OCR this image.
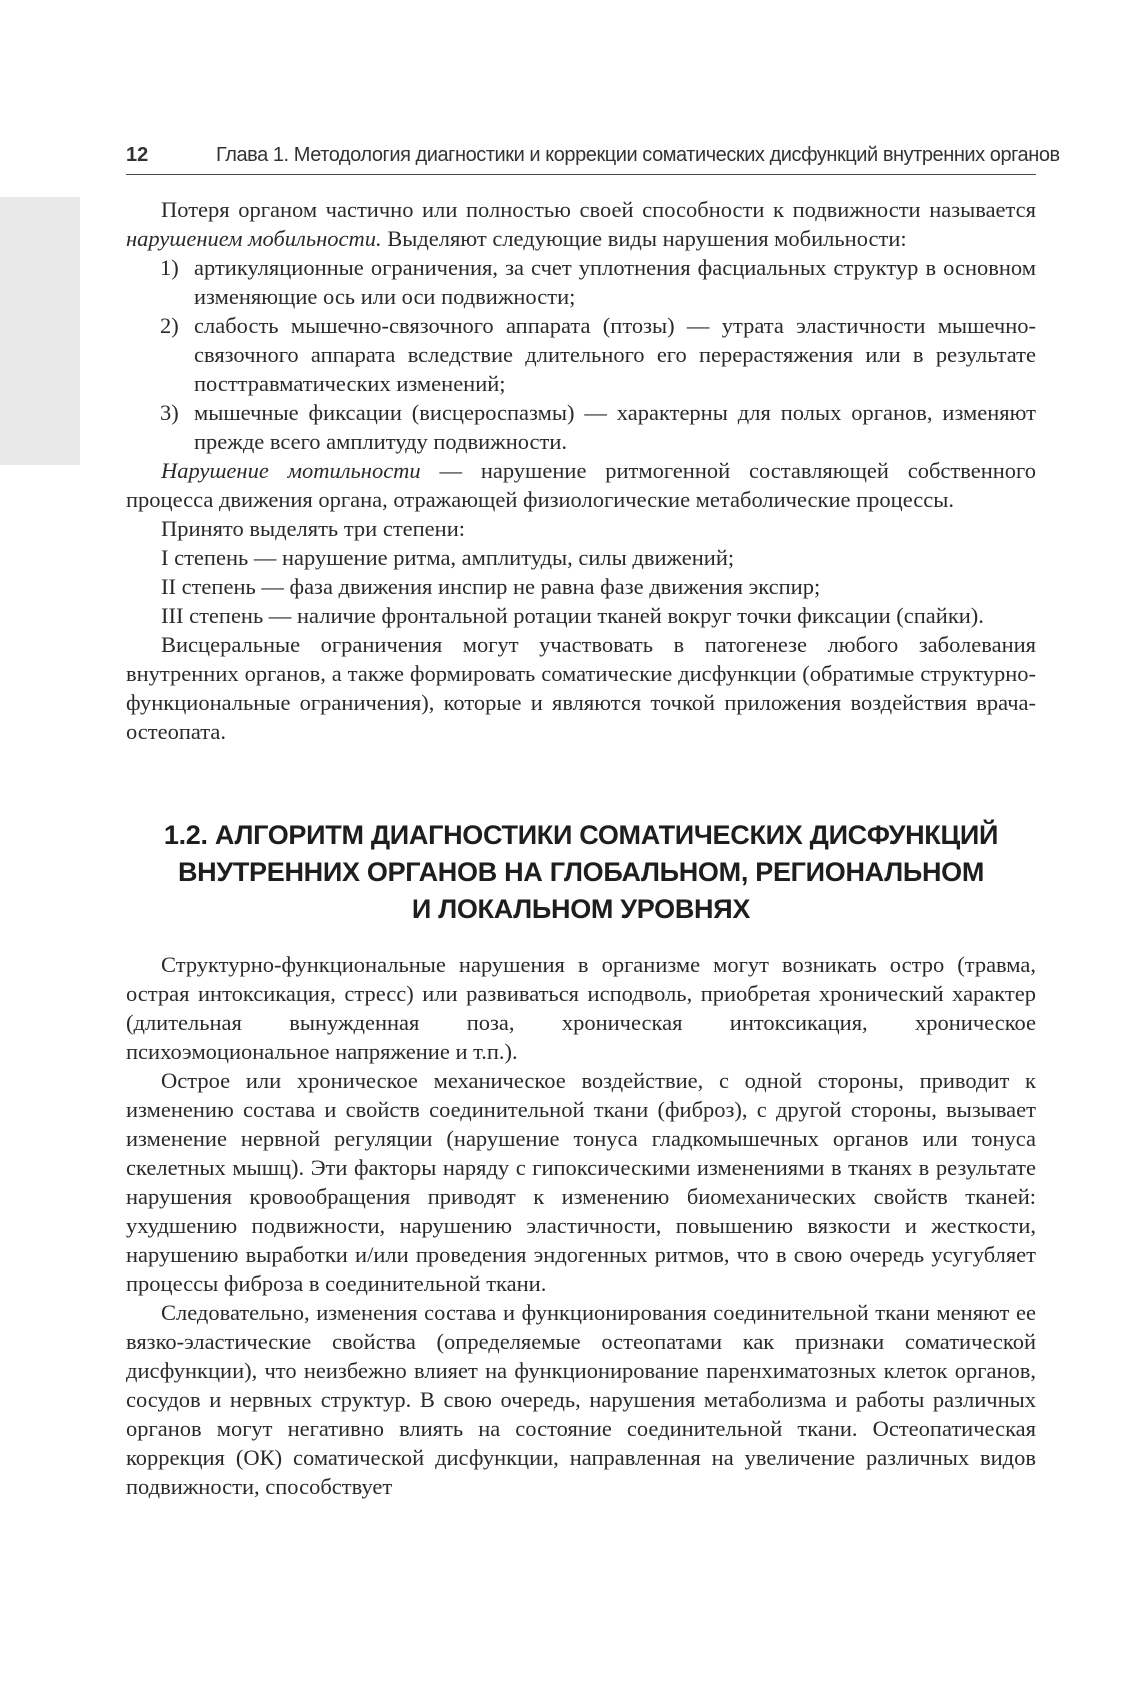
12	Глава 1. Методология диагностики и коррекции соматических дисфункций внутренних органов

Потеря органом частично или полностью своей способности к подвижности называется нарушением мобильности. Выделяют следующие виды нарушения мобильности:

1) артикуляционные ограничения, за счет уплотнения фасциальных структур в основном изменяющие ось или оси подвижности;
2) слабость мышечно-связочного аппарата (птозы) — утрата эластичности мышечно-связочного аппарата вследствие длительного его перерастяжения или в результате посттравматических изменений;
3) мышечные фиксации (висцероспазмы) — характерны для полых органов, изменяют прежде всего амплитуду подвижности.

Нарушение мотильности — нарушение ритмогенной составляющей собственного процесса движения органа, отражающей физиологические метаболические процессы.

Принято выделять три степени:

I степень — нарушение ритма, амплитуды, силы движений;

II степень — фаза движения инспир не равна фазе движения экспир;

III степень — наличие фронтальной ротации тканей вокруг точки фиксации (спайки).

Висцеральные ограничения могут участвовать в патогенезе любого заболевания внутренних органов, а также формировать соматические дисфункции (обратимые структурно-функциональные ограничения), которые и являются точкой приложения воздействия врача-остеопата.

1.2. АЛГОРИТМ ДИАГНОСТИКИ СОМАТИЧЕСКИХ ДИСФУНКЦИЙ
ВНУТРЕННИХ ОРГАНОВ НА ГЛОБАЛЬНОМ, РЕГИОНАЛЬНОМ
И ЛОКАЛЬНОМ УРОВНЯХ

Структурно-функциональные нарушения в организме могут возникать остро (травма, острая интоксикация, стресс) или развиваться исподволь, приобретая хронический характер (длительная вынужденная поза, хроническая интоксикация, хроническое психоэмоциональное напряжение и т.п.).

Острое или хроническое механическое воздействие, с одной стороны, приводит к изменению состава и свойств соединительной ткани (фиброз), с другой стороны, вызывает изменение нервной регуляции (нарушение тонуса гладкомышечных органов или тонуса скелетных мышц). Эти факторы наряду с гипоксическими изменениями в тканях в результате нарушения кровообращения приводят к изменению биомеханических свойств тканей: ухудшению подвижности, нарушению эластичности, повышению вязкости и жесткости, нарушению выработки и/или проведения эндогенных ритмов, что в свою очередь усугубляет процессы фиброза в соединительной ткани.

Следовательно, изменения состава и функционирования соединительной ткани меняют ее вязко-эластические свойства (определяемые остеопатами как признаки соматической дисфункции), что неизбежно влияет на функционирование паренхиматозных клеток органов, сосудов и нервных структур. В свою очередь, нарушения метаболизма и работы различных органов могут негативно влиять на состояние соединительной ткани. Остеопатическая коррекция (ОК) соматической дисфункции, направленная на увеличение различных видов подвижности, способствует
